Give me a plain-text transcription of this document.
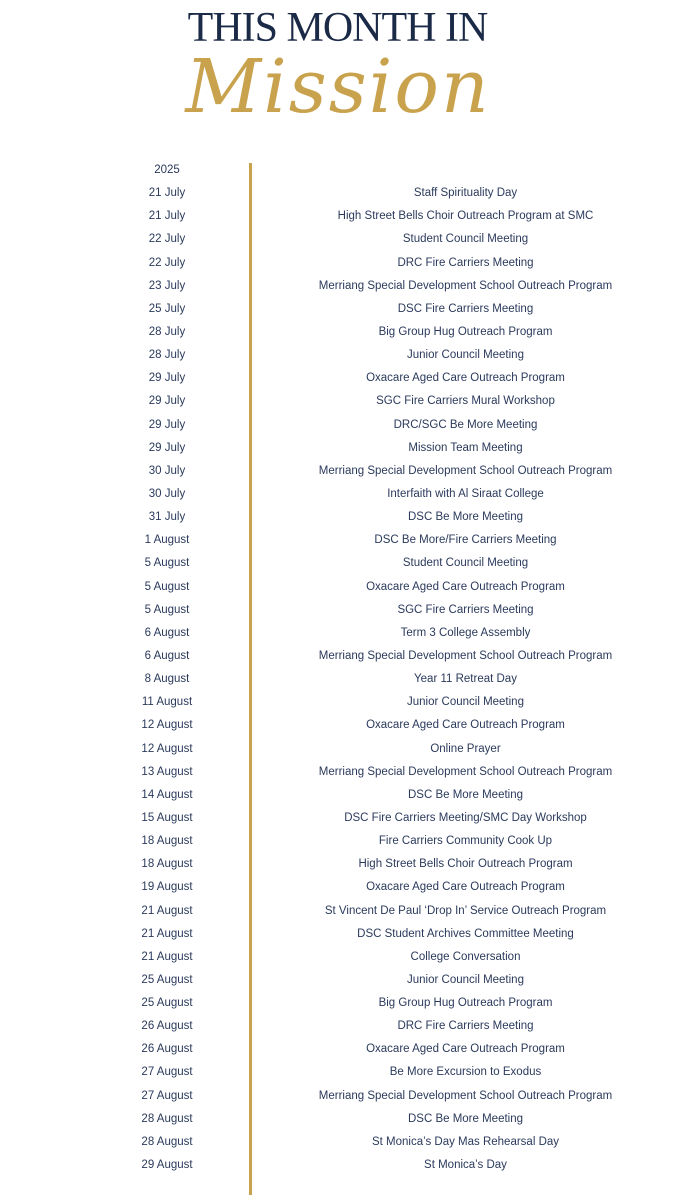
THIS MONTH IN
Mission
2025
21 July	Staff Spirituality Day
21 July	High Street Bells Choir Outreach Program at SMC
22 July	Student Council Meeting
22 July	DRC Fire Carriers Meeting
23 July	Merriang Special Development School Outreach Program
25 July	DSC Fire Carriers Meeting
28 July	Big Group Hug Outreach Program
28 July	Junior Council Meeting
29 July	Oxacare Aged Care Outreach Program
29 July	SGC Fire Carriers Mural Workshop
29 July	DRC/SGC Be More Meeting
29 July	Mission Team Meeting
30 July	Merriang Special Development School Outreach Program
30 July	Interfaith with Al Siraat College
31 July	DSC Be More Meeting
1 August	DSC Be More/Fire Carriers Meeting
5 August	Student Council Meeting
5 August	Oxacare Aged Care Outreach Program
5 August	SGC Fire Carriers Meeting
6 August	Term 3 College Assembly
6 August	Merriang Special Development School Outreach Program
8 August	Year 11 Retreat Day
11 August	Junior Council Meeting
12 August	Oxacare Aged Care Outreach Program
12 August	Online Prayer
13 August	Merriang Special Development School Outreach Program
14 August	DSC Be More Meeting
15 August	DSC Fire Carriers Meeting/SMC Day Workshop
18 August	Fire Carriers Community Cook Up
18 August	High Street Bells Choir Outreach Program
19 August	Oxacare Aged Care Outreach Program
21 August	St Vincent De Paul ‘Drop In’ Service Outreach Program
21 August	DSC Student Archives Committee Meeting
21 August	College Conversation
25 August	Junior Council Meeting
25 August	Big Group Hug Outreach Program
26 August	DRC Fire Carriers Meeting
26 August	Oxacare Aged Care Outreach Program
27 August	Be More Excursion to Exodus
27 August	Merriang Special Development School Outreach Program
28 August	DSC Be More Meeting
28 August	St Monica’s Day Mas Rehearsal Day
29 August	St Monica’s Day
